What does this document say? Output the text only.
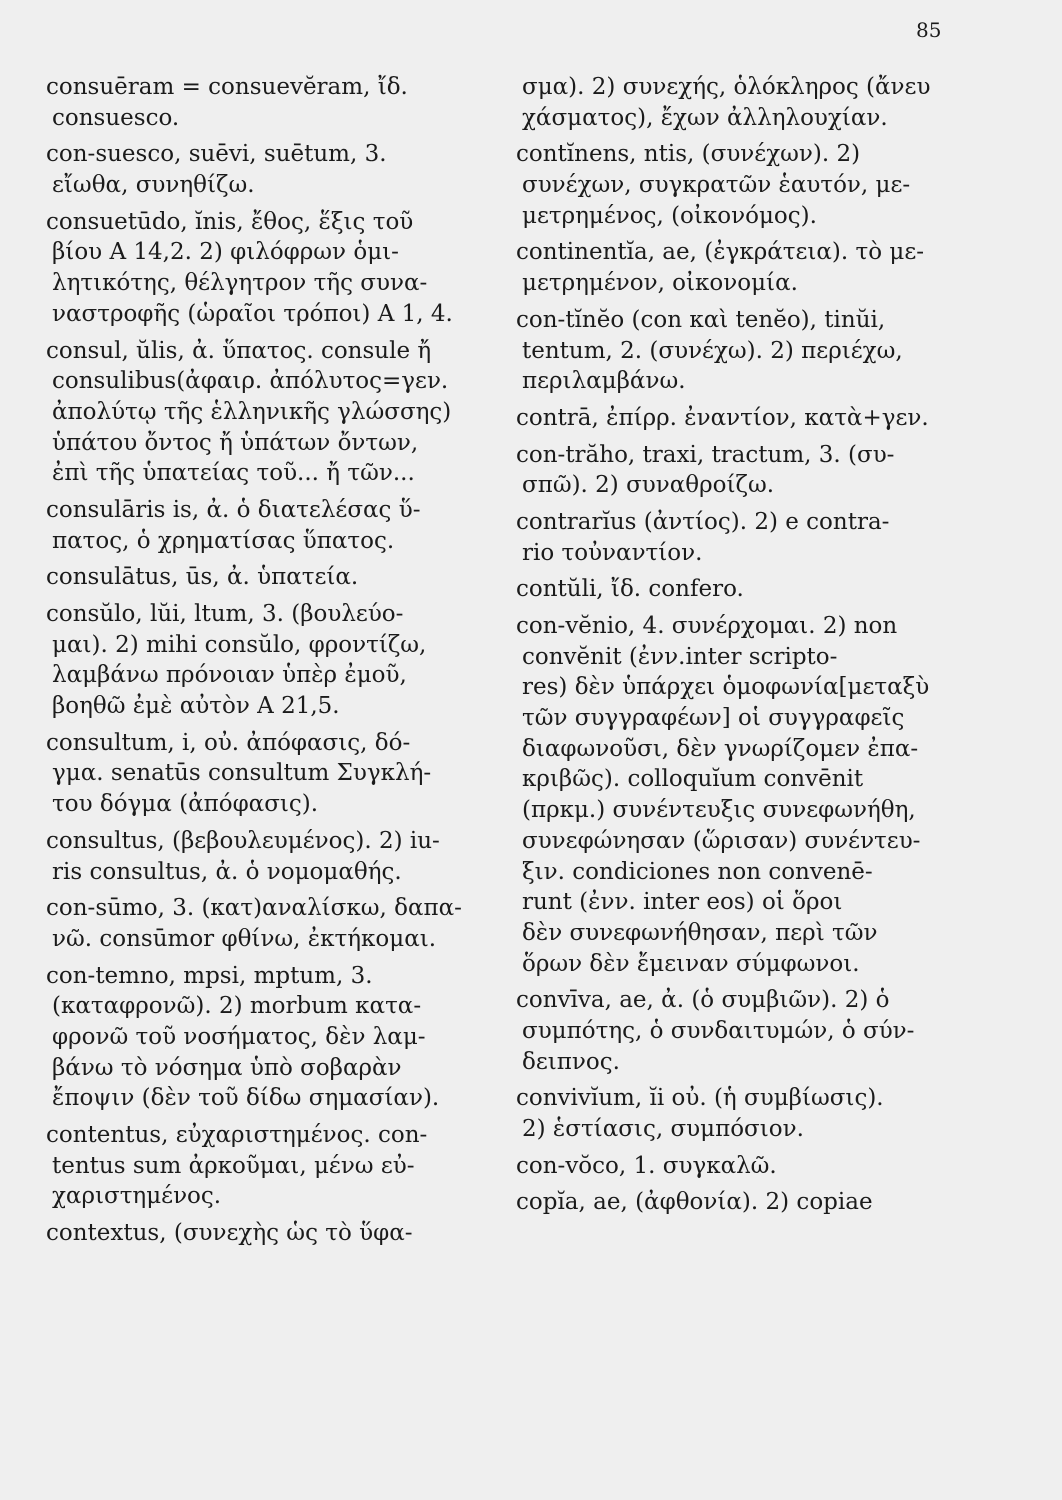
85
consuēram = consuevĕram, ἴδ.
consuesco.
con-suesco, suēvi, suētum, 3.
εἴωθα, συνηθίζω.
consuetūdo, ĭnis, ἔθος, ἕξις τοῦ
βίου Α 14,2. 2) φιλόφρων ὁμι-
λητικότης, θέλγητρον τῆς συνα-
ναστροφῆς (ὡραῖοι τρόποι) Α 1, 4.
consul, ŭlis, ἀ. ὕπατος. consule ἤ
consulibus(ἀφαιρ. ἀπόλυτος=γεν.
ἀπολύτῳ τῆς ἑλληνικῆς γλώσσης)
ὑπάτου ὄντος ἤ ὑπάτων ὄντων,
ἐπὶ τῆς ὑπατείας τοῦ... ἤ τῶν...
consulāris is, ἀ. ὁ διατελέσας ὕ-
πατος, ὁ χρηματίσας ὕπατος.
consulātus, ūs, ἀ. ὑπατεία.
consŭlo, lŭi, ltum, 3. (βουλεύο-
μαι). 2) mihi consŭlo, φροντίζω,
λαμβάνω πρόνοιαν ὑπὲρ ἐμοῦ,
βοηθῶ ἐμὲ αὐτὸν Α 21,5.
consultum, i, οὐ. ἀπόφασις, δό-
γμα. senatūs consultum Συγκλή-
του δόγμα (ἀπόφασις).
consultus, (βεβουλευμένος). 2) iu-
ris consultus, ἀ. ὁ νομομαθής.
con-sūmo, 3. (κατ)αναλίσκω, δαπα-
νῶ. consūmor φθίνω, ἐκτήκομαι.
con-temno, mpsi, mptum, 3.
(καταφρονῶ). 2) morbum κατα-
φρονῶ τοῦ νοσήματος, δὲν λαμ-
βάνω τὸ νόσημα ὑπὸ σοβαρὰν
ἔποψιν (δὲν τοῦ δίδω σημασίαν).
contentus, εὐχαριστημένος. con-
tentus sum ἀρκοῦμαι, μένω εὐ-
χαριστημένος.
contextus, (συνεχὴς ὡς τὸ ὕφα-
σμα). 2) συνεχής, ὁλόκληρος (ἄνευ
χάσματος), ἔχων ἀλληλουχίαν.
contĭnens, ntis, (συνέχων). 2)
συνέχων, συγκρατῶν ἑαυτόν, με-
μετρημένος, (οἰκονόμος).
continentĭa, ae, (ἐγκράτεια). τὸ με-
μετρημένον, οἰκονομία.
con-tĭnĕo (con καὶ tenĕo), tinŭi,
tentum, 2. (συνέχω). 2) περιέχω,
περιλαμβάνω.
contrā, ἐπίρρ. ἐναντίον, κατὰ+γεν.
con-trăho, traxi, tractum, 3. (συ-
σπῶ). 2) συναθροίζω.
contrarĭus (ἀντίος). 2) e contra-
rio τοὐναντίον.
contŭli, ἴδ. confero.
con-vĕnio, 4. συνέρχομαι. 2) non
convĕnit (ἐνν.inter scripto-
res) δὲν ὑπάρχει ὁμοφωνία[μεταξὺ
τῶν συγγραφέων] οἱ συγγραφεῖς
διαφωνοῦσι, δὲν γνωρίζομεν ἐπα-
κριβῶς). colloquĭum convēnit
(πρκμ.) συνέντευξις συνεφωνήθη,
συνεφώνησαν (ὥρισαν) συνέντευ-
ξιν. condiciones non convenē-
runt (ἐνν. inter eos) οἱ ὅροι
δὲν συνεφωνήθησαν, περὶ τῶν
ὅρων δὲν ἔμειναν σύμφωνοι.
convīva, ae, ἀ. (ὁ συμβιῶν). 2) ὁ
συμπότης, ὁ συνδαιτυμών, ὁ σύν-
δειπνος.
convivĭum, ĭi οὐ. (ἡ συμβίωσις).
2) ἑστίασις, συμπόσιον.
con-vŏco, 1. συγκαλῶ.
copĭa, ae, (ἀφθονία). 2) copiae
